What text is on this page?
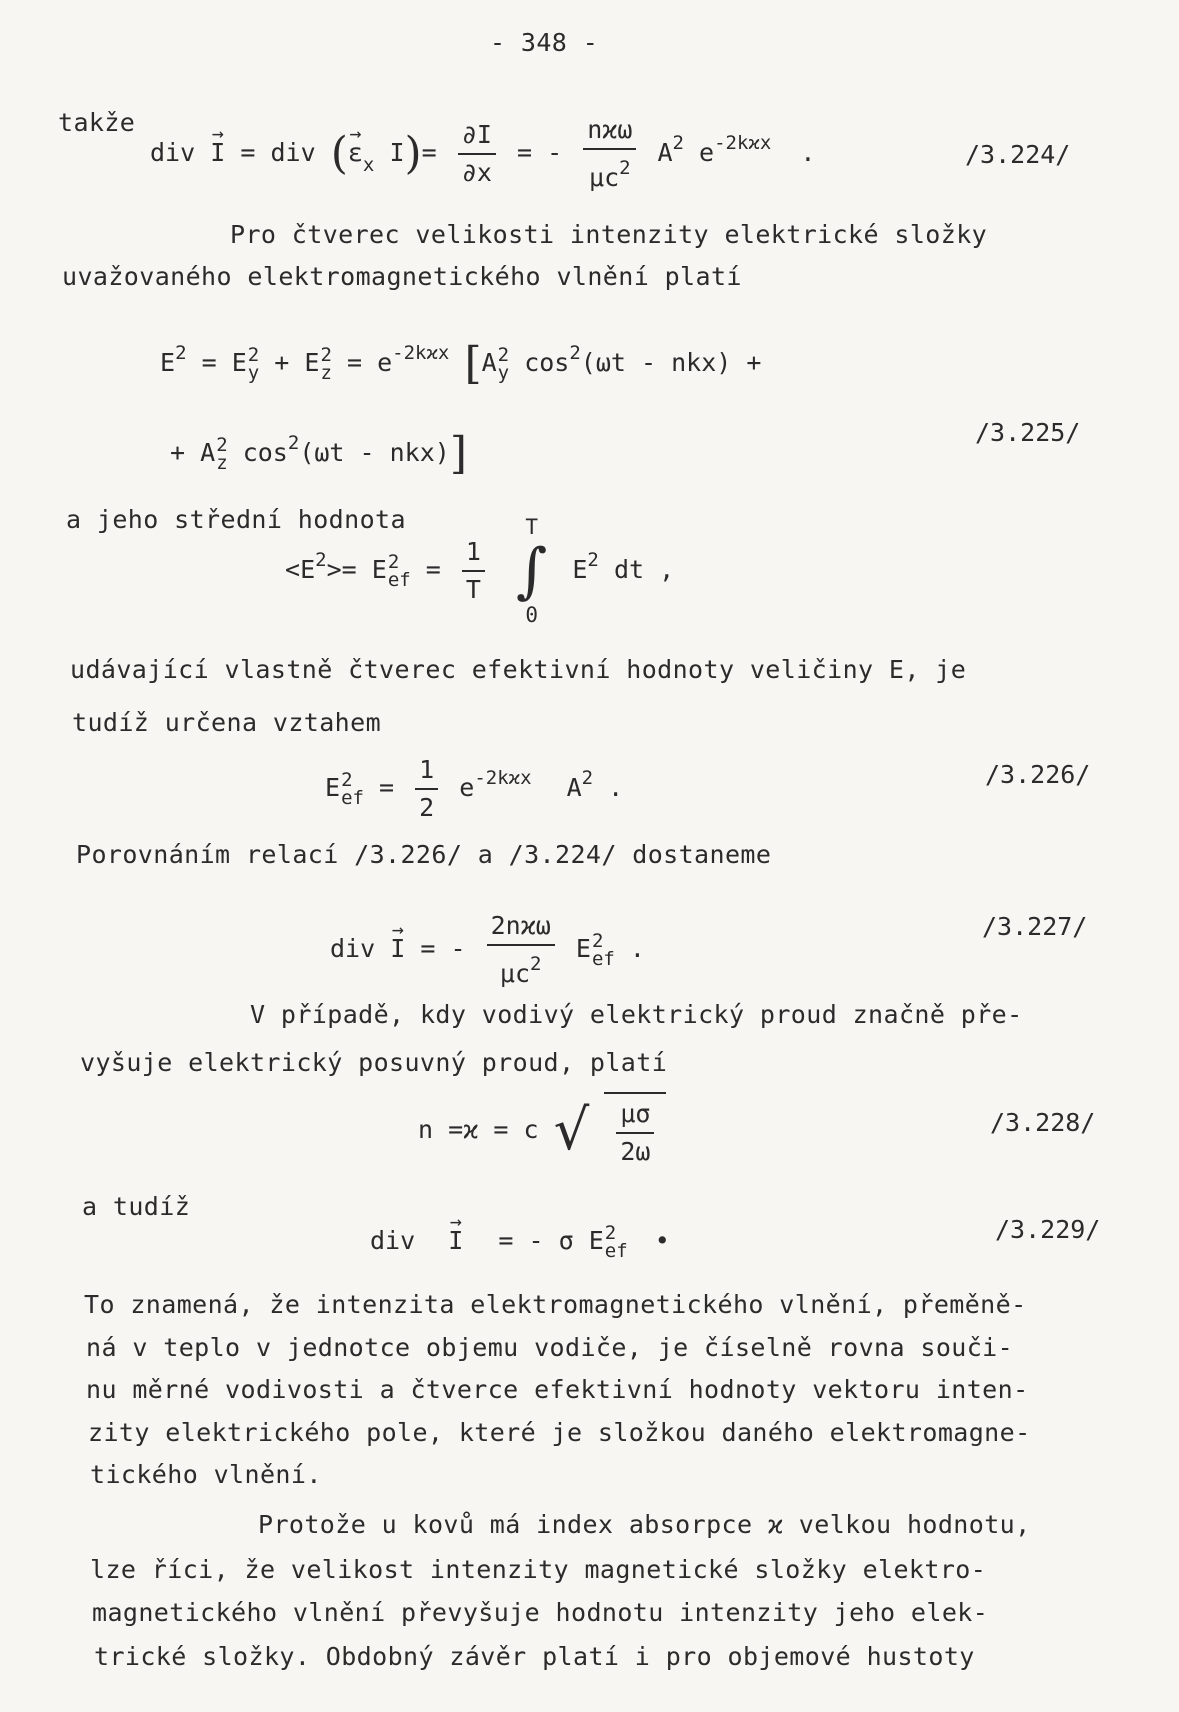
- 348 -
takže
div → I = div (→ $\varepsilon_x$ $I)= \frac{\partial I}{\partial x}$ = - $\frac{\text{nϰω}}{\mu c^2} A^2$ $e^{-2kϰx}$ .	/3.224/
Pro čtverec velikosti intenzity elektrické složky
uvažovaného elektromagnetického vlnění platí
$E^2 = E$ 2
y + E 2
$z = e^{-2kϰx}$ [A 2
y $\cos^2(\omega t - nkx)$ +
+ A 2
z $\cos^2(\omega t - nkx)$]	/3.225/
a jeho střední hodnota
$<E^2>= E$ 2
ef = $\frac{1}{T}$

T
∫
0
$E^2$ dt ,
udávající vlastně čtverec efektivní hodnoty veličiny E, je
tudíž určena vztahem
E 2
ef = $\frac{1}{2} e^{-2kϰx}$ $A^2$ .	/3.226/
Porovnáním relací /3.226/ a /3.224/ dostaneme
div → I = - $\frac{\text{2nϰω}}{\mu c^2}$ E 2
ef .
/3.227/
V případě, kdy vodivý elektrický proud značně pře-
vyšuje elektrický posuvný proud, platí
n =ϰ = c √ $\frac{\mu\sigma}{2\omega}$	/3.228/
a tudíž
div → I = - σ E 2
ef •	/3.229/
To znamená, že intenzita elektromagnetického vlnění, přeměně-
ná v teplo v jednotce objemu vodiče, je číselně rovna souči-
nu měrné vodivosti a čtverce efektivní hodnoty vektoru inten-
zity elektrického pole, které je složkou daného elektromagne-
tického vlnění.
Protože u kovů má index absorpce ϰ velkou hodnotu,
lze říci, že velikost intenzity magnetické složky elektro-
magnetického vlnění převyšuje hodnotu intenzity jeho elek-
trické složky. Obdobný závěr platí i pro objemové hustoty
